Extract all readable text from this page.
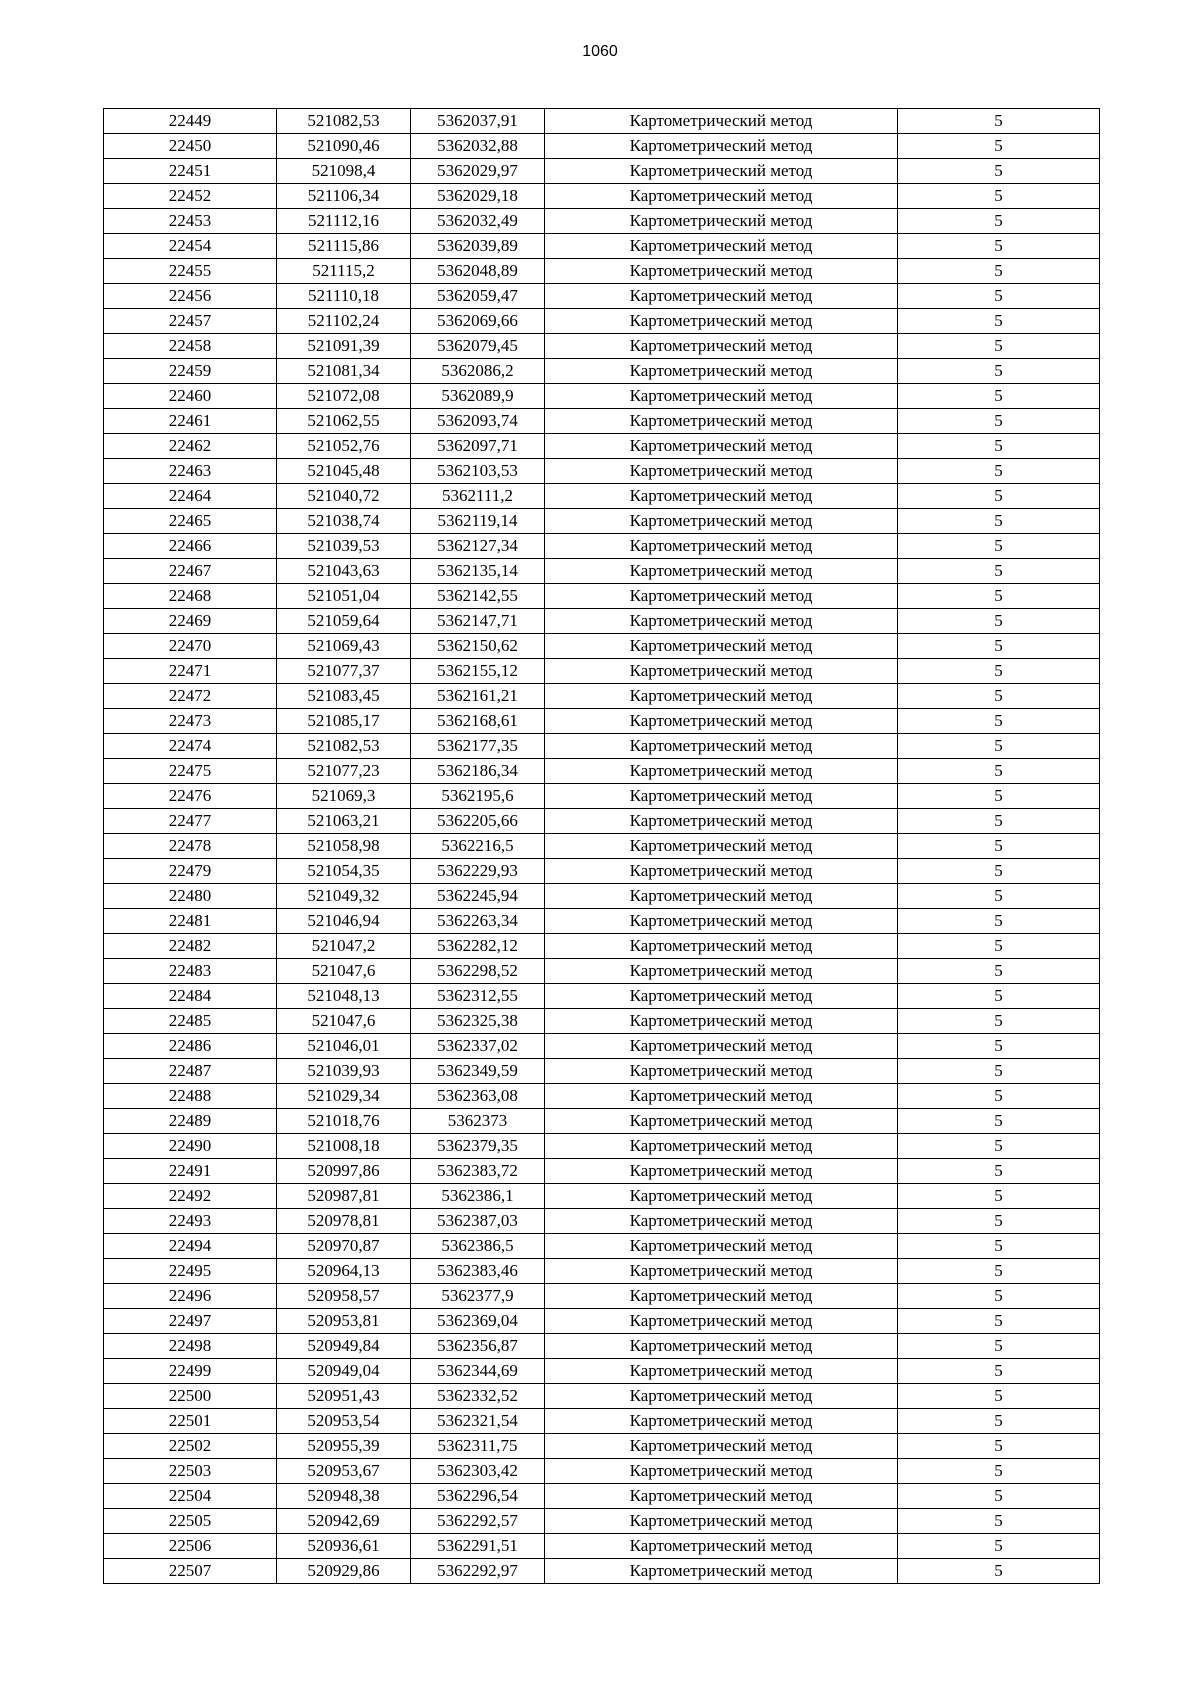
1060
22449	521082,53	5362037,91	Картометрический метод	5
22450	521090,46	5362032,88	Картометрический метод	5
22451	521098,4	5362029,97	Картометрический метод	5
22452	521106,34	5362029,18	Картометрический метод	5
22453	521112,16	5362032,49	Картометрический метод	5
22454	521115,86	5362039,89	Картометрический метод	5
22455	521115,2	5362048,89	Картометрический метод	5
22456	521110,18	5362059,47	Картометрический метод	5
22457	521102,24	5362069,66	Картометрический метод	5
22458	521091,39	5362079,45	Картометрический метод	5
22459	521081,34	5362086,2	Картометрический метод	5
22460	521072,08	5362089,9	Картометрический метод	5
22461	521062,55	5362093,74	Картометрический метод	5
22462	521052,76	5362097,71	Картометрический метод	5
22463	521045,48	5362103,53	Картометрический метод	5
22464	521040,72	5362111,2	Картометрический метод	5
22465	521038,74	5362119,14	Картометрический метод	5
22466	521039,53	5362127,34	Картометрический метод	5
22467	521043,63	5362135,14	Картометрический метод	5
22468	521051,04	5362142,55	Картометрический метод	5
22469	521059,64	5362147,71	Картометрический метод	5
22470	521069,43	5362150,62	Картометрический метод	5
22471	521077,37	5362155,12	Картометрический метод	5
22472	521083,45	5362161,21	Картометрический метод	5
22473	521085,17	5362168,61	Картометрический метод	5
22474	521082,53	5362177,35	Картометрический метод	5
22475	521077,23	5362186,34	Картометрический метод	5
22476	521069,3	5362195,6	Картометрический метод	5
22477	521063,21	5362205,66	Картометрический метод	5
22478	521058,98	5362216,5	Картометрический метод	5
22479	521054,35	5362229,93	Картометрический метод	5
22480	521049,32	5362245,94	Картометрический метод	5
22481	521046,94	5362263,34	Картометрический метод	5
22482	521047,2	5362282,12	Картометрический метод	5
22483	521047,6	5362298,52	Картометрический метод	5
22484	521048,13	5362312,55	Картометрический метод	5
22485	521047,6	5362325,38	Картометрический метод	5
22486	521046,01	5362337,02	Картометрический метод	5
22487	521039,93	5362349,59	Картометрический метод	5
22488	521029,34	5362363,08	Картометрический метод	5
22489	521018,76	5362373	Картометрический метод	5
22490	521008,18	5362379,35	Картометрический метод	5
22491	520997,86	5362383,72	Картометрический метод	5
22492	520987,81	5362386,1	Картометрический метод	5
22493	520978,81	5362387,03	Картометрический метод	5
22494	520970,87	5362386,5	Картометрический метод	5
22495	520964,13	5362383,46	Картометрический метод	5
22496	520958,57	5362377,9	Картометрический метод	5
22497	520953,81	5362369,04	Картометрический метод	5
22498	520949,84	5362356,87	Картометрический метод	5
22499	520949,04	5362344,69	Картометрический метод	5
22500	520951,43	5362332,52	Картометрический метод	5
22501	520953,54	5362321,54	Картометрический метод	5
22502	520955,39	5362311,75	Картометрический метод	5
22503	520953,67	5362303,42	Картометрический метод	5
22504	520948,38	5362296,54	Картометрический метод	5
22505	520942,69	5362292,57	Картометрический метод	5
22506	520936,61	5362291,51	Картометрический метод	5
22507	520929,86	5362292,97	Картометрический метод	5
